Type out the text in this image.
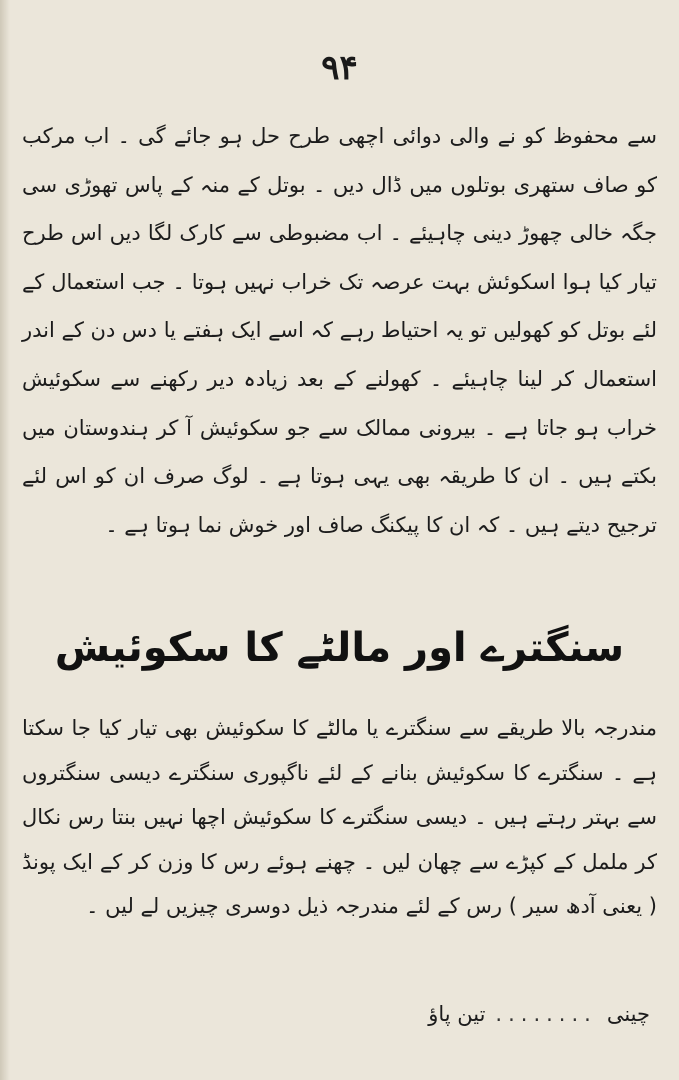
۹۴
سے محفوظ کو نے والی دوائی اچھی طرح حل ہو جائے گی ۔ اب مرکب کو صاف ستھری بوتلوں میں ڈال دیں ۔ بوتل کے منہ کے پاس تھوڑی سی جگہ خالی چھوڑ دینی چاہیئے ۔ اب مضبوطی سے کارک لگا دیں اس طرح تیار کیا ہوا اسکوئش بہت عرصہ تک خراب نہیں ہوتا ۔ جب استعمال کے لئے بوتل کو کھولیں تو یہ احتیاط رہے کہ اسے ایک ہفتے یا دس دن کے اندر استعمال کر لینا چاہیئے ۔ کھولنے کے بعد زیادہ دیر رکھنے سے سکوئیش خراب ہو جاتا ہے ۔ بیرونی ممالک سے جو سکوئیش آ کر ہندوستان میں بکتے ہیں ۔ ان کا طریقہ بھی یہی ہوتا ہے ۔ لوگ صرف ان کو اس لئے ترجیح دیتے ہیں ۔ کہ ان کا پیکنگ صاف اور خوش نما ہوتا ہے ۔
سنگترے اور مالٹے کا سکوئیش
مندرجہ بالا طریقے سے سنگترے یا مالٹے کا سکوئیش بھی تیار کیا جا سکتا ہے ۔ سنگترے کا سکوئیش بنانے کے لئے ناگپوری سنگترے دیسی سنگتروں سے بہتر رہتے ہیں ۔ دیسی سنگترے کا سکوئیش اچھا نہیں بنتا رس نکال کر ململ کے کپڑے سے چھان لیں ۔ چھنے ہوئے رس کا وزن کر کے ایک پونڈ ( یعنی آدھ سیر ) رس کے لئے مندرجہ ذیل دوسری چیزیں لے لیں ۔
چینی
........
تین پاؤ
